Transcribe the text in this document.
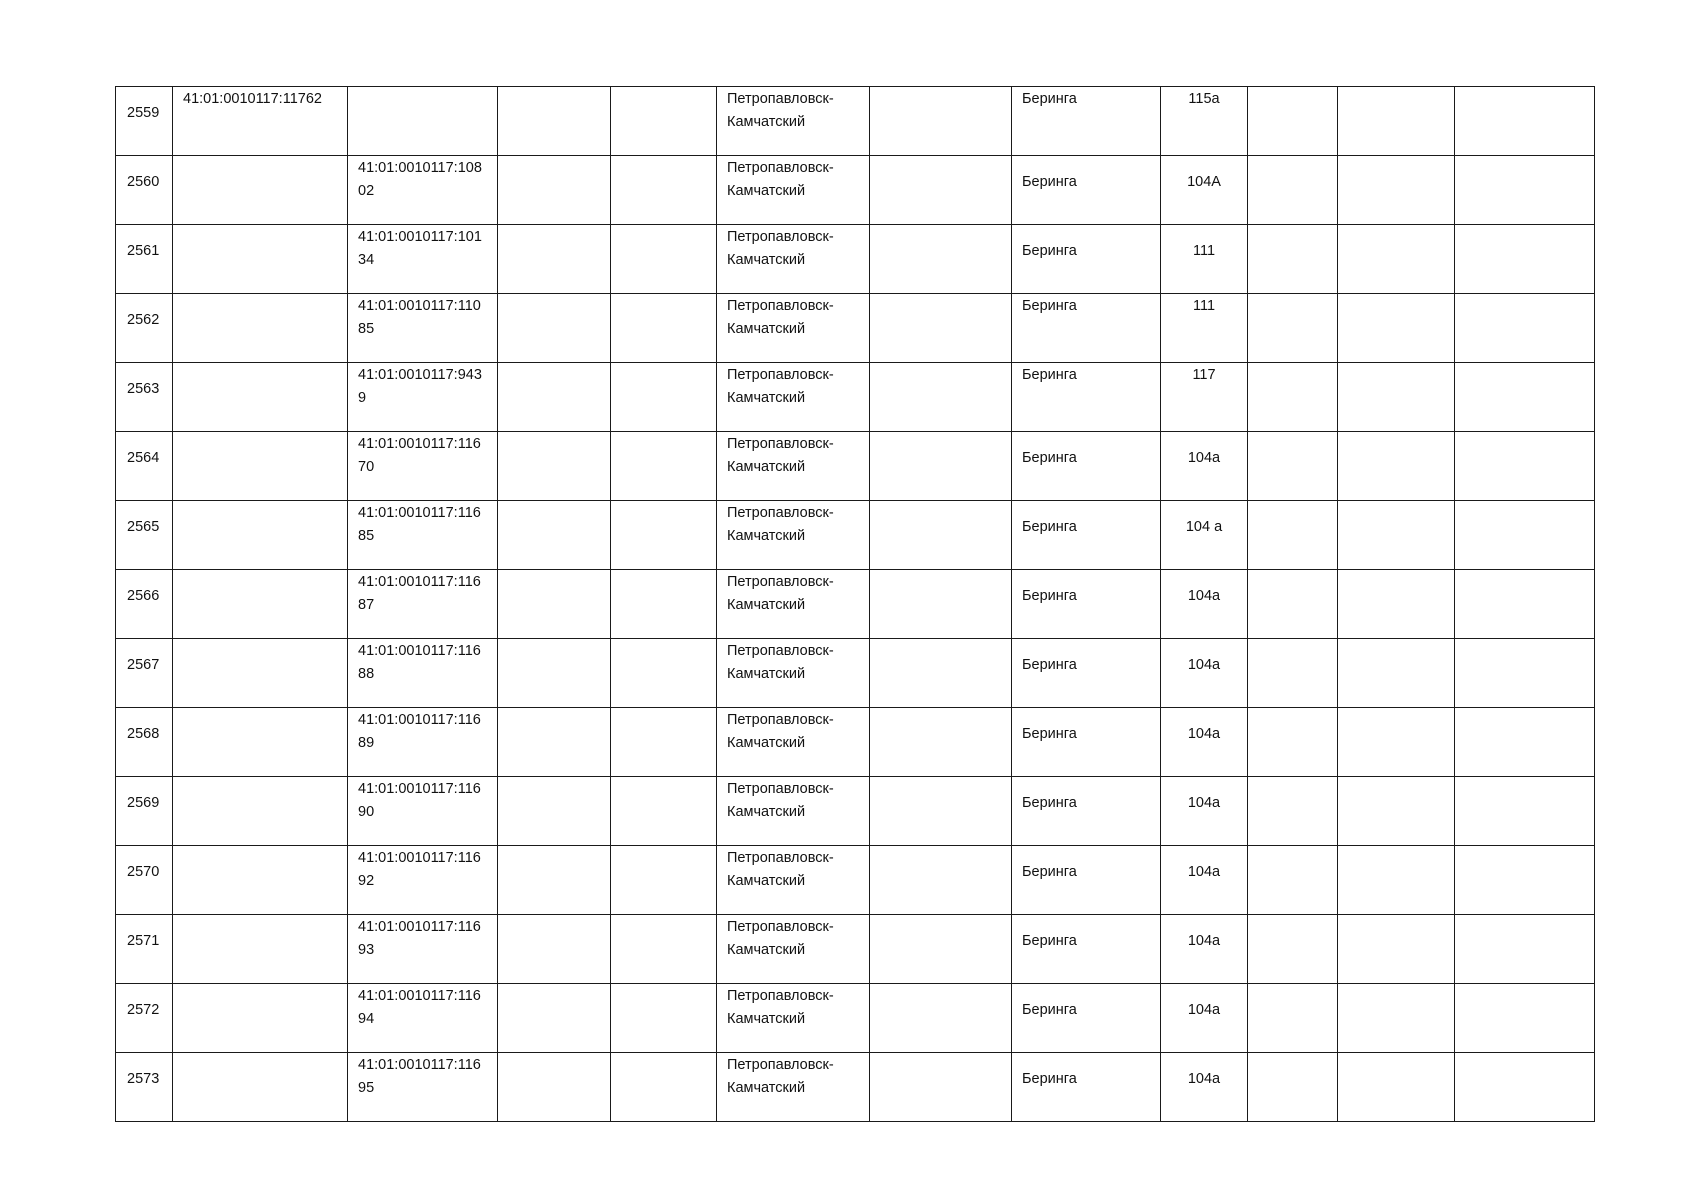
2559	41:01:0010117:11762				Петропавловск-Камчатский		Беринга	115а			

2560		41:01:0010117:10802			Петропавловск-Камчатский		Беринга	104А			

2561		41:01:0010117:10134			Петропавловск-Камчатский		Беринга	111			

2562		41:01:0010117:11085			Петропавловск-Камчатский		Беринга	111			

2563		41:01:0010117:9439			Петропавловск-Камчатский		Беринга	117			

2564		41:01:0010117:11670			Петропавловск-Камчатский		Беринга	104а			

2565		41:01:0010117:11685			Петропавловск-Камчатский		Беринга	104 а			

2566		41:01:0010117:11687			Петропавловск-Камчатский		Беринга	104а			

2567		41:01:0010117:11688			Петропавловск-Камчатский		Беринга	104а			

2568		41:01:0010117:11689			Петропавловск-Камчатский		Беринга	104а			

2569		41:01:0010117:11690			Петропавловск-Камчатский		Беринга	104а			

2570		41:01:0010117:11692			Петропавловск-Камчатский		Беринга	104а			

2571		41:01:0010117:11693			Петропавловск-Камчатский		Беринга	104а			

2572		41:01:0010117:11694			Петропавловск-Камчатский		Беринга	104а			

2573		41:01:0010117:11695			Петропавловск-Камчатский		Беринга	104а			
